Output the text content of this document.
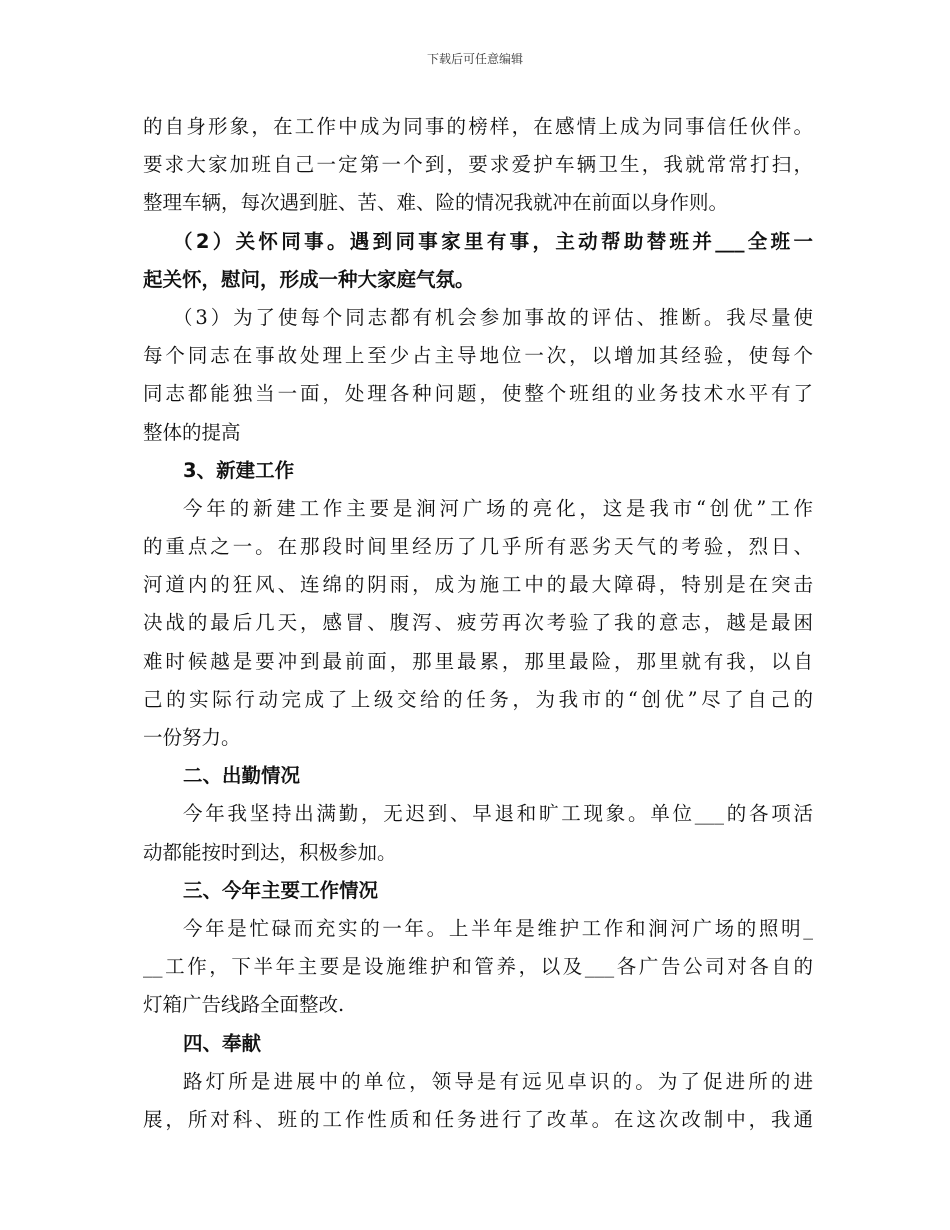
下载后可任意编辑
的自身形象，在工作中成为同事的榜样，在感情上成为同事信任伙伴。
要求大家加班自己一定第一个到，要求爱护车辆卫生，我就常常打扫，
整理车辆，每次遇到脏、苦、难、险的情况我就冲在前面以身作则。
（2）关怀同事。遇到同事家里有事，主动帮助替班并___全班一
起关怀，慰问，形成一种大家庭气氛。
（3）为了使每个同志都有机会参加事故的评估、推断。我尽量使
每个同志在事故处理上至少占主导地位一次，以增加其经验，使每个
同志都能独当一面，处理各种问题，使整个班组的业务技术水平有了
整体的提高
3、新建工作
今年的新建工作主要是涧河广场的亮化，这是我市“创优”工作
的重点之一。在那段时间里经历了几乎所有恶劣天气的考验，烈日、
河道内的狂风、连绵的阴雨，成为施工中的最大障碍，特别是在突击
决战的最后几天，感冒、腹泻、疲劳再次考验了我的意志，越是最困
难时候越是要冲到最前面，那里最累，那里最险，那里就有我，以自
己的实际行动完成了上级交给的任务，为我市的“创优”尽了自己的
一份努力。
二、出勤情况
今年我坚持出满勤，无迟到、早退和旷工现象。单位___的各项活
动都能按时到达，积极参加。
三、今年主要工作情况
今年是忙碌而充实的一年。上半年是维护工作和涧河广场的照明_
__工作，下半年主要是设施维护和管养，以及___各广告公司对各自的
灯箱广告线路全面整改.
四、奉献
路灯所是进展中的单位，领导是有远见卓识的。为了促进所的进
展，所对科、班的工作性质和任务进行了改革。在这次改制中，我通
